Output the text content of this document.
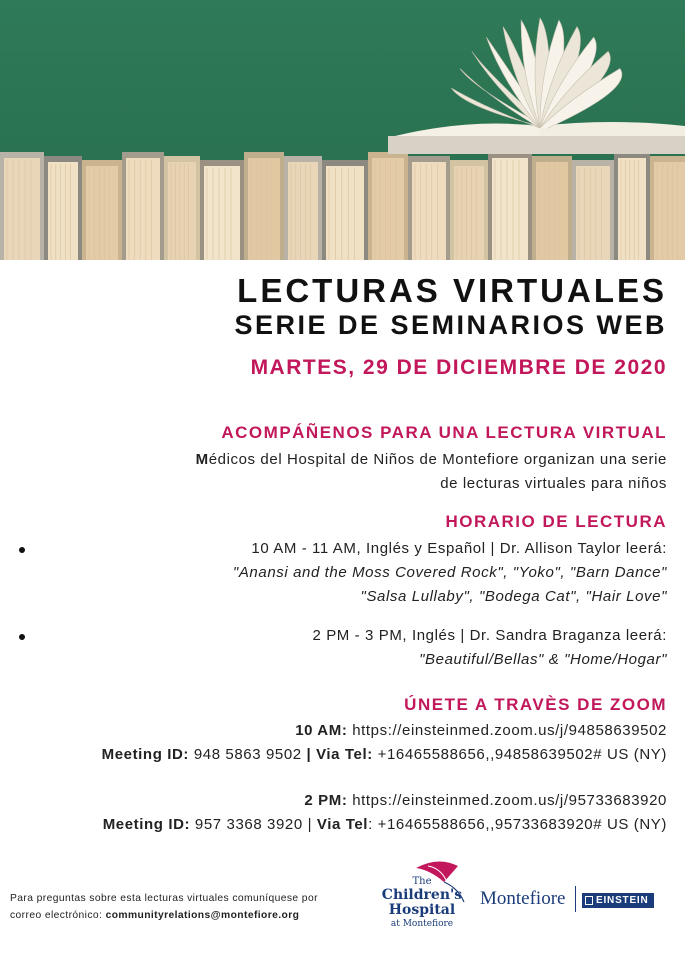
LECTURAS VIRTUALES
SERIE DE SEMINARIOS WEB
MARTES, 29 DE DICIEMBRE DE 2020
ACOMPÁÑENOS PARA UNA LECTURA VIRTUAL
Médicos del Hospital de Niños de Montefiore organizan una serie
de lecturas virtuales para niños
HORARIO DE LECTURA
10 AM - 11 AM, Inglés y Español | Dr. Allison Taylor leerá:
"Anansi and the Moss Covered Rock", "Yoko", "Barn Dance"
"Salsa Lullaby", "Bodega Cat", "Hair Love"
2 PM - 3 PM, Inglés | Dr. Sandra Braganza leerá:
"Beautiful/Bellas" & "Home/Hogar"
ÚNETE A TRAVÈS DE ZOOM
10 AM: https://einsteinmed.zoom.us/j/94858639502
Meeting ID: 948 5863 9502 | Via Tel: +16465588656,,94858639502# US (NY)
2 PM: https://einsteinmed.zoom.us/j/95733683920
Meeting ID: 957 3368 3920 | Via Tel: +16465588656,,95733683920# US (NY)
Para preguntas sobre esta lecturas virtuales comuníquese por
correo electrónico: communityrelations@montefiore.org
The
Children's
Hospital
at Montefiore
Montefiore	EINSTEIN
